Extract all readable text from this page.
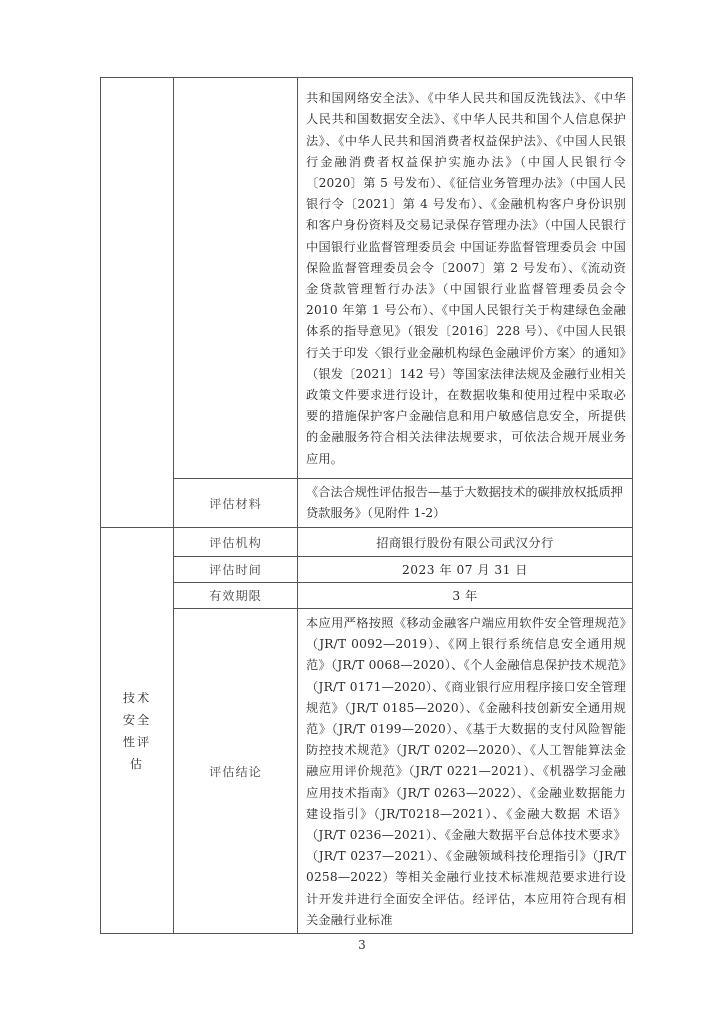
		共和国网络安全法》、《中华人民共和国反洗钱法》、《中华人民共和国数据安全法》、《中华人民共和国个人信息保护法》、《中华人民共和国消费者权益保护法》、《中国人民银行金融消费者权益保护实施办法》（中国人民银行令〔2020〕第 5 号发布）、《征信业务管理办法》（中国人民银行令〔2021〕第 4 号发布）、《金融机构客户身份识别和客户身份资料及交易记录保存管理办法》（中国人民银行 中国银行业监督管理委员会 中国证券监督管理委员会 中国保险监督管理委员会令〔2007〕第 2 号发布）、《流动资金贷款管理暂行办法》（中国银行业监督管理委员会令 2010 年第 1 号公布）、《中国人民银行关于构建绿色金融体系的指导意见》（银发〔2016〕228 号）、《中国人民银行关于印发〈银行业金融机构绿色金融评价方案〉的通知》（银发〔2021〕142 号）等国家法律法规及金融行业相关政策文件要求进行设计，在数据收集和使用过程中采取必要的措施保护客户金融信息和用户敏感信息安全，所提供的金融服务符合相关法律法规要求，可依法合规开展业务应用。

	评估材料	《合法合规性评估报告—基于大数据技术的碳排放权抵质押贷款服务》（见附件 1-2）

技术安全性评估	评估机构	招商银行股份有限公司武汉分行
	评估时间	2023 年 07 月 31 日
	有效期限	3 年
	评估结论	本应用严格按照《移动金融客户端应用软件安全管理规范》（JR/T 0092—2019）、《网上银行系统信息安全通用规范》（JR/T 0068—2020）、《个人金融信息保护技术规范》（JR/T 0171—2020）、《商业银行应用程序接口安全管理规范》（JR/T 0185—2020）、《金融科技创新安全通用规范》（JR/T 0199—2020）、《基于大数据的支付风险智能防控技术规范》（JR/T 0202—2020）、《人工智能算法金融应用评价规范》（JR/T 0221—2021）、《机器学习金融应用技术指南》（JR/T 0263—2022）、《金融业数据能力建设指引》（JR/T0218—2021）、《金融大数据 术语》（JR/T 0236—2021）、《金融大数据平台总体技术要求》（JR/T 0237—2021）、《金融领域科技伦理指引》（JR/T 0258—2022）等相关金融行业技术标准规范要求进行设计开发并进行全面安全评估。经评估，本应用符合现有相关金融行业标准
3
